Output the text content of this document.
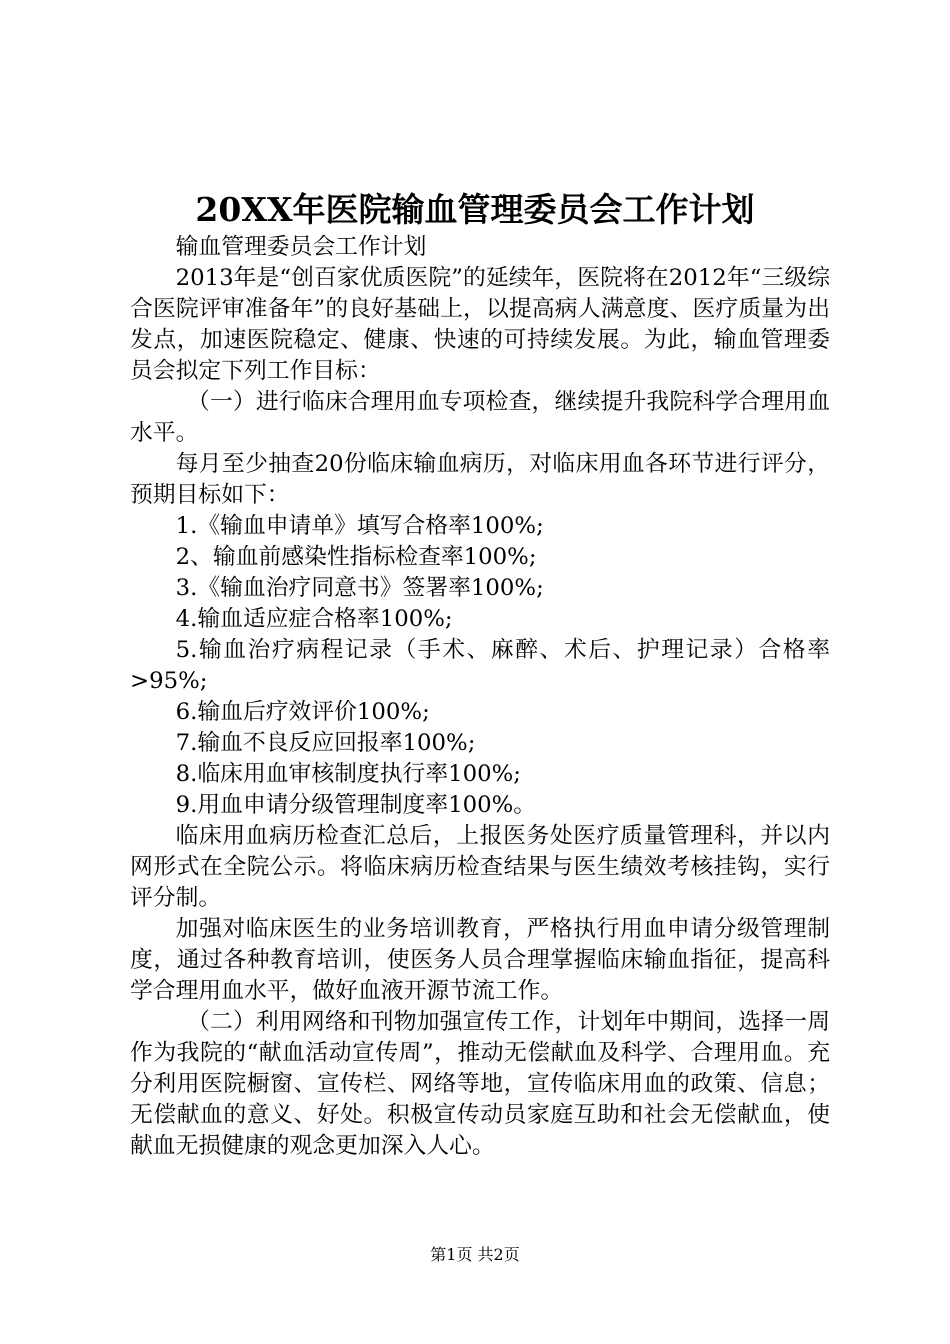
20XX年医院输血管理委员会工作计划

输血管理委员会工作计划

2013年是“创百家优质医院”的延续年，医院将在2012年“三级综合医院评审准备年”的良好基础上，以提高病人满意度、医疗质量为出发点，加速医院稳定、健康、快速的可持续发展。为此，输血管理委员会拟定下列工作目标：

（一）进行临床合理用血专项检查，继续提升我院科学合理用血水平。

每月至少抽查20份临床输血病历，对临床用血各环节进行评分，预期目标如下：

1.《输血申请单》填写合格率100%;

2、输血前感染性指标检查率100%;

3.《输血治疗同意书》签署率100%;

4.输血适应症合格率100%;

5.输血治疗病程记录（手术、麻醉、术后、护理记录）合格率>95%;

6.输血后疗效评价100%;

7.输血不良反应回报率100%;

8.临床用血审核制度执行率100%;

9.用血申请分级管理制度率100%。

临床用血病历检查汇总后，上报医务处医疗质量管理科，并以内网形式在全院公示。将临床病历检查结果与医生绩效考核挂钩，实行评分制。

加强对临床医生的业务培训教育，严格执行用血申请分级管理制度，通过各种教育培训，使医务人员合理掌握临床输血指征，提高科学合理用血水平，做好血液开源节流工作。

（二）利用网络和刊物加强宣传工作，计划年中期间，选择一周作为我院的“献血活动宣传周”，推动无偿献血及科学、合理用血。充分利用医院橱窗、宣传栏、网络等地，宣传临床用血的政策、信息；无偿献血的意义、好处。积极宣传动员家庭互助和社会无偿献血，使献血无损健康的观念更加深入人心。

第1页 共2页
